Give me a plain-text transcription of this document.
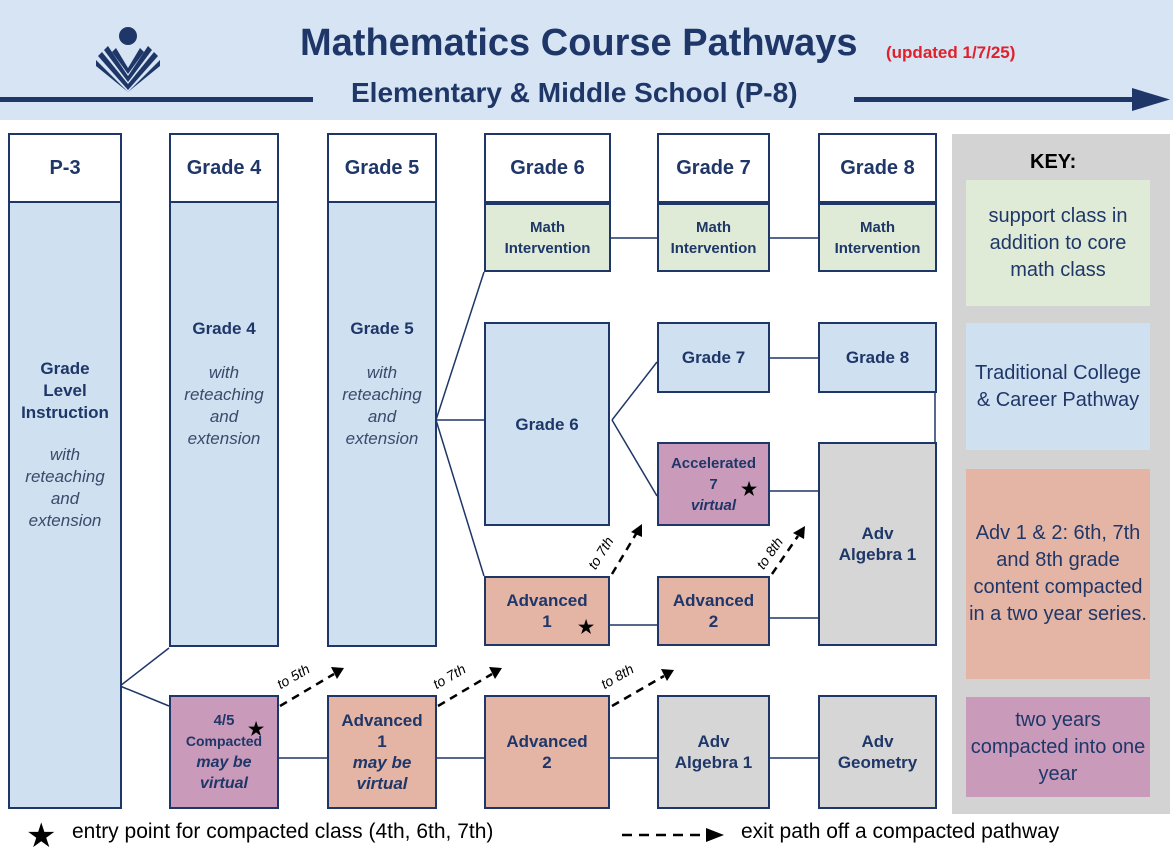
Mathematics Course Pathways (updated 1/7/25)
Elementary & Middle School (P-8)
P-3	Grade 4	Grade 5	Grade 6	Grade 7	Grade 8
Grade
Level
Instruction
with
reteaching
and
extension
Grade 4
with
reteaching
and
extension
Grade 5
with
reteaching
and
extension
Math
Intervention
Math
Intervention
Math
Intervention
Grade 6
Grade 7	Grade 8
Accelerated
7
virtual
★
Adv
Algebra 1
Advanced
1 ★
Advanced
2
4/5
Compacted
may be
virtual
★	Advanced
1
may be
virtual
Advanced
2
Adv
Algebra 1
Adv
Geometry
to 5th	to 7th	to 8th
to 7th	to 8th
KEY:
support class in addition to core math class
Traditional College & Career Pathway
Adv 1 & 2: 6th, 7th and 8th grade content compacted in a two year series.
two years compacted into one year
★ entry point for compacted class (4th, 6th, 7th)	exit path off a compacted pathway
